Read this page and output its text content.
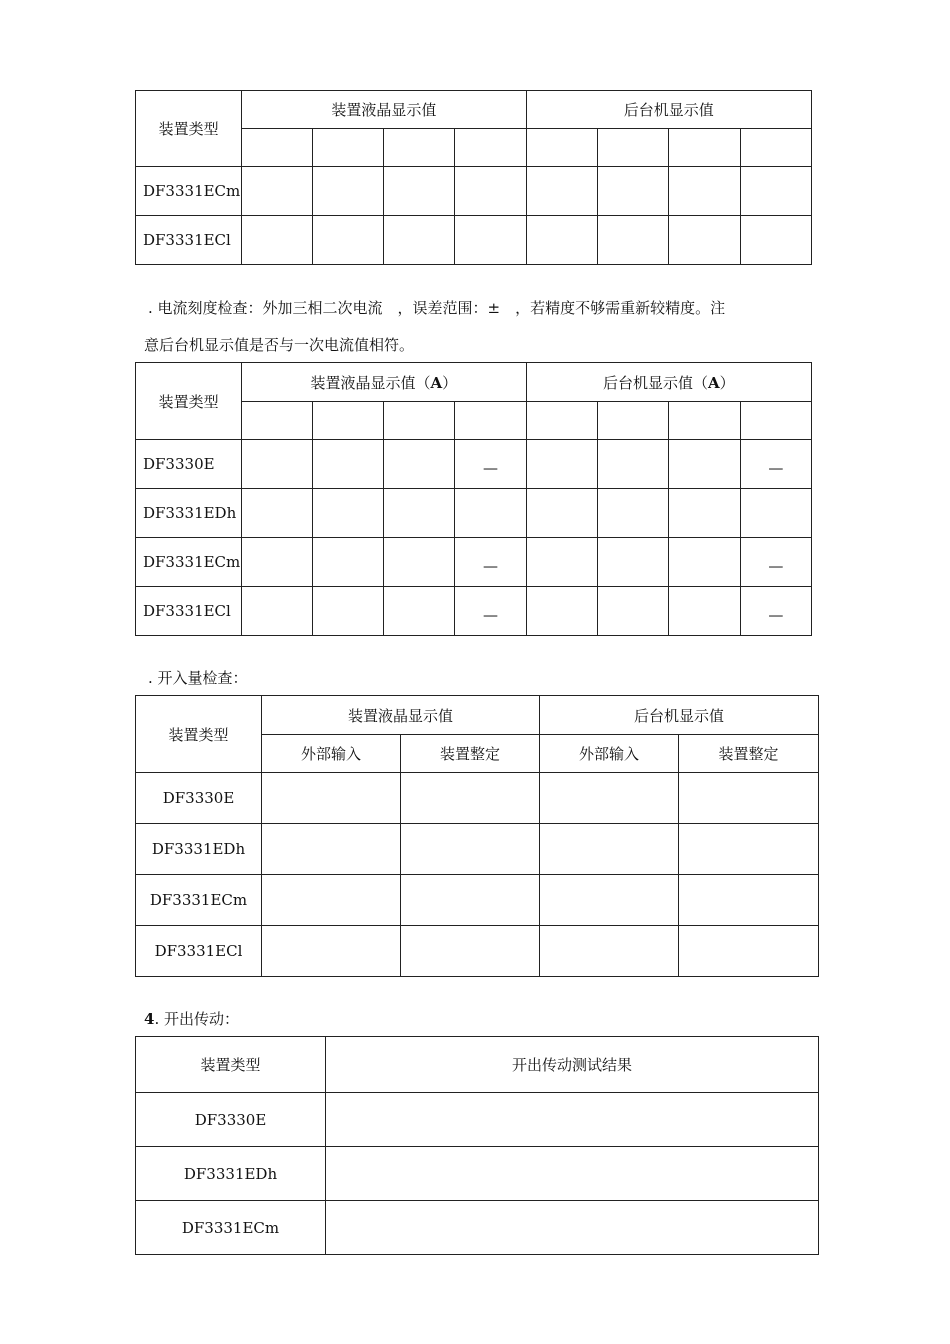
装置类型	装置液晶显示值				后台机显示值			

DF3331ECm								
DF3331ECl								
. 电流刻度检查：外加三相二次电流　，误差范围：±　，若精度不够需重新较精度。注
意后台机显示值是否与一次电流值相符。
装置类型	装置液晶显示值（A）				后台机显示值（A）			

DF3330E				—				—
DF3331EDh								
DF3331ECm				—				—
DF3331ECl				—				—
. 开入量检查：
装置类型	装置液晶显示值		后台机显示值	
	外部输入	装置整定	外部输入	装置整定
DF3330E				
DF3331EDh				
DF3331ECm				
DF3331ECl				
4. 开出传动：
装置类型	开出传动测试结果
DF3330E	
DF3331EDh	
DF3331ECm	
